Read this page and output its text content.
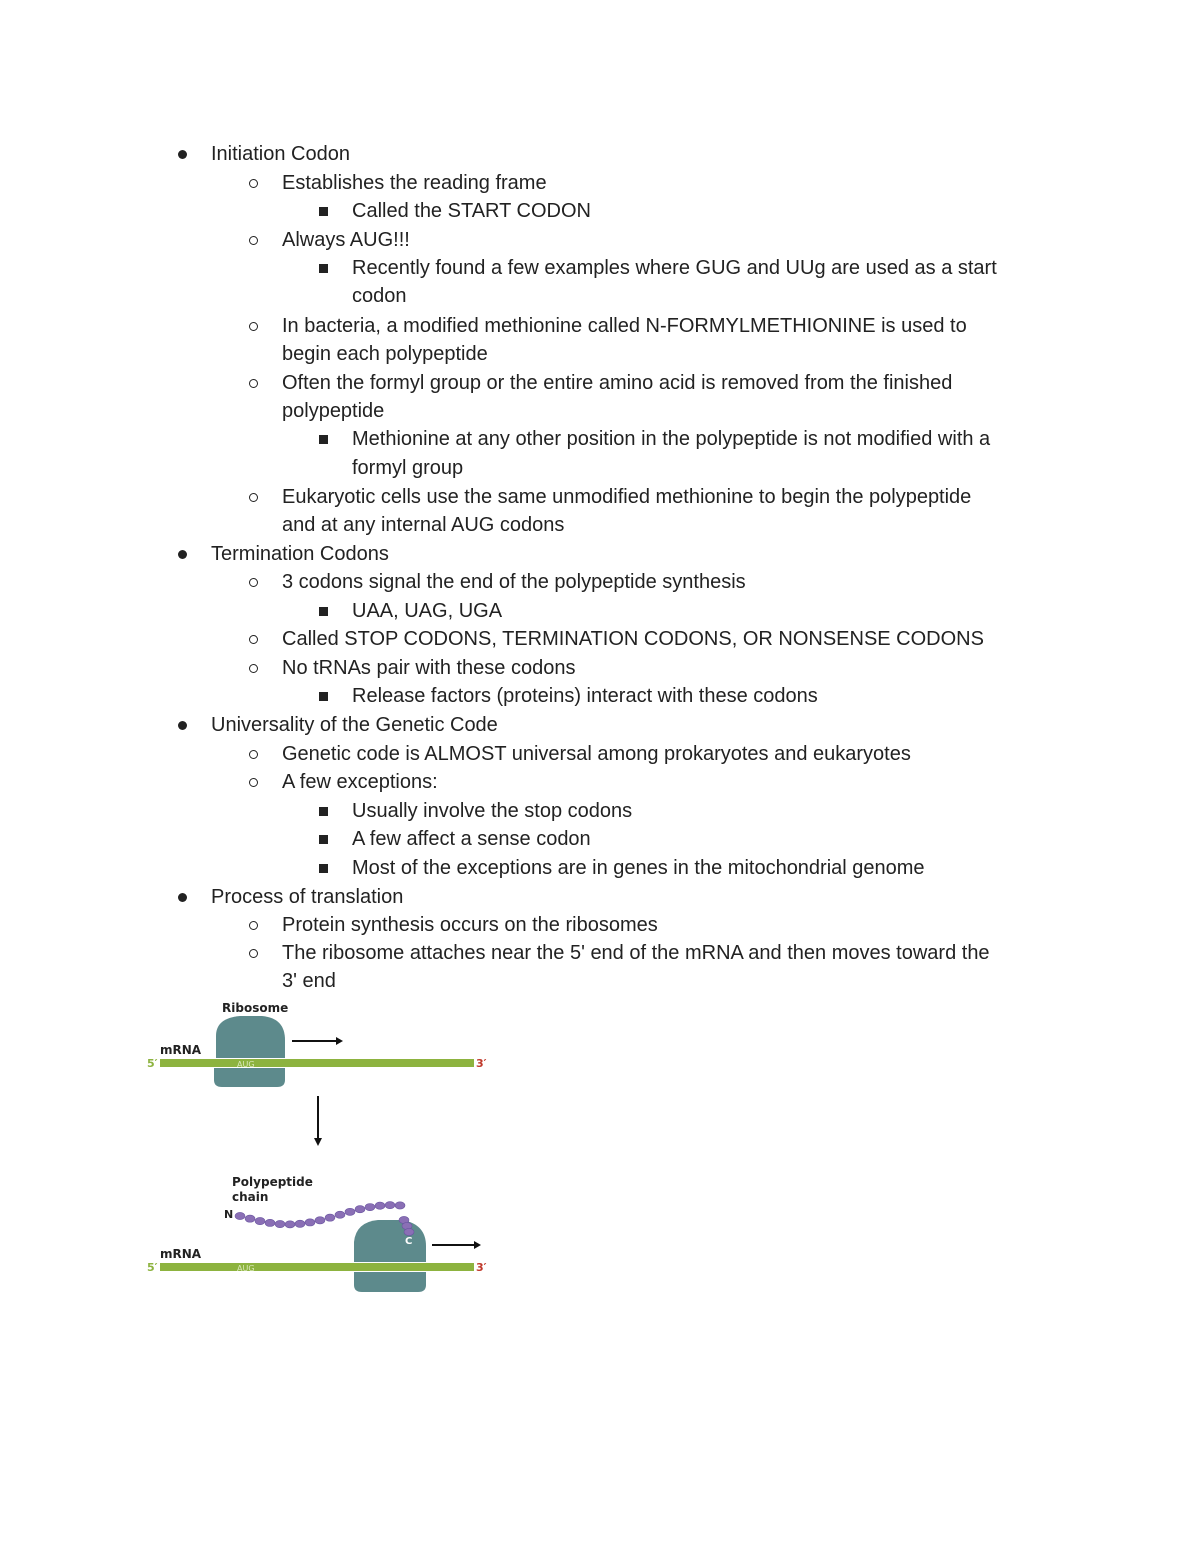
Initiation Codon
Establishes the reading frame
Called the START CODON
Always AUG!!!
Recently found a few examples where GUG and UUg are used as a start
codon
In bacteria, a modified methionine called N-FORMYLMETHIONINE is used to
begin each polypeptide
Often the formyl group or the entire amino acid is removed from the finished
polypeptide
Methionine at any other position in the polypeptide is not modified with a
formyl group
Eukaryotic cells use the same unmodified methionine to begin the polypeptide
and at any internal AUG codons
Termination Codons
3 codons signal the end of the polypeptide synthesis
UAA, UAG, UGA
Called STOP CODONS, TERMINATION CODONS, OR NONSENSE CODONS
No tRNAs pair with these codons
Release factors (proteins) interact with these codons
Universality of the Genetic Code
Genetic code is ALMOST universal among prokaryotes and eukaryotes
A few exceptions:
Usually involve the stop codons
A few affect a sense codon
Most of the exceptions are in genes in the mitochondrial genome
Process of translation
Protein synthesis occurs on the ribosomes
The ribosome attaches near the 5' end of the mRNA and then moves toward the
3' end
Ribosome
mRNA
5′	AUG	3′
Polypeptide
chain
N
C
mRNA
5′	AUG	3′
